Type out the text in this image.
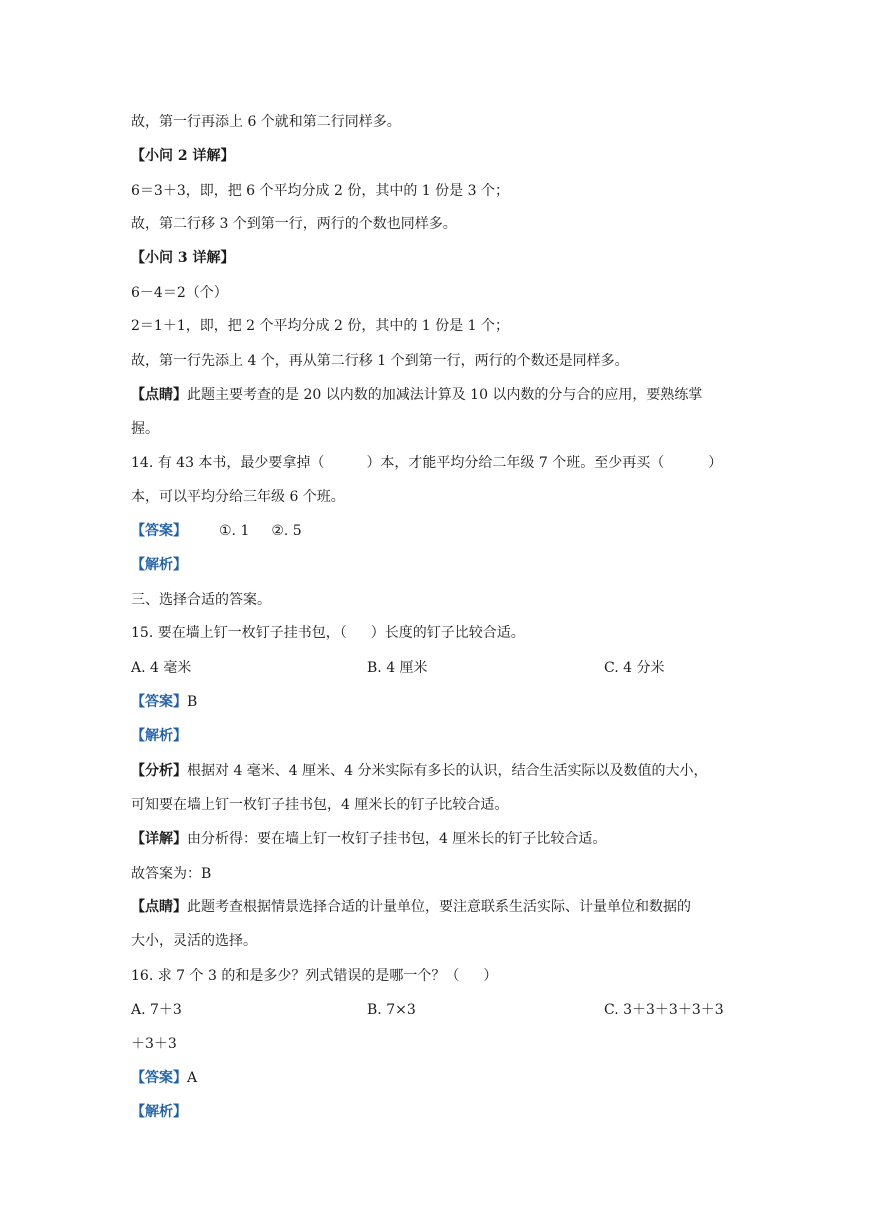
故，第一行再添上 6 个就和第二行同样多。
【小问 2 详解】
6＝3＋3，即，把 6 个平均分成 2 份，其中的 1 份是 3 个；
故，第二行移 3 个到第一行，两行的个数也同样多。
【小问 3 详解】
6－4＝2（个）
2＝1＋1，即，把 2 个平均分成 2 份，其中的 1 份是 1 个；
故，第一行先添上 4 个，再从第二行移 1 个到第一行，两行的个数还是同样多。
【点睛】此题主要考查的是 20 以内数的加减法计算及 10 以内数的分与合的应用，要熟练掌
握。
14. 有 43 本书，最少要拿掉（	）本，才能平均分给二年级 7 个班。至少再买（	）
本，可以平均分给三年级 6 个班。
【答案】 ①. 1 ②. 5
【解析】
三、选择合适的答案。
15. 要在墙上钉一枚钉子挂书包，（ ）长度的钉子比较合适。
A. 4 毫米	B. 4 厘米	C. 4 分米
【答案】B
【解析】
【分析】根据对 4 毫米、4 厘米、4 分米实际有多长的认识，结合生活实际以及数值的大小，
可知要在墙上钉一枚钉子挂书包，4 厘米长的钉子比较合适。
【详解】由分析得：要在墙上钉一枚钉子挂书包，4 厘米长的钉子比较合适。
故答案为：B
【点睛】此题考查根据情景选择合适的计量单位，要注意联系生活实际、计量单位和数据的
大小，灵活的选择。
16. 求 7 个 3 的和是多少？列式错误的是哪一个？（ ）
A. 7＋3	B. 7×3	C. 3＋3＋3＋3＋3
＋3＋3
【答案】A
【解析】
